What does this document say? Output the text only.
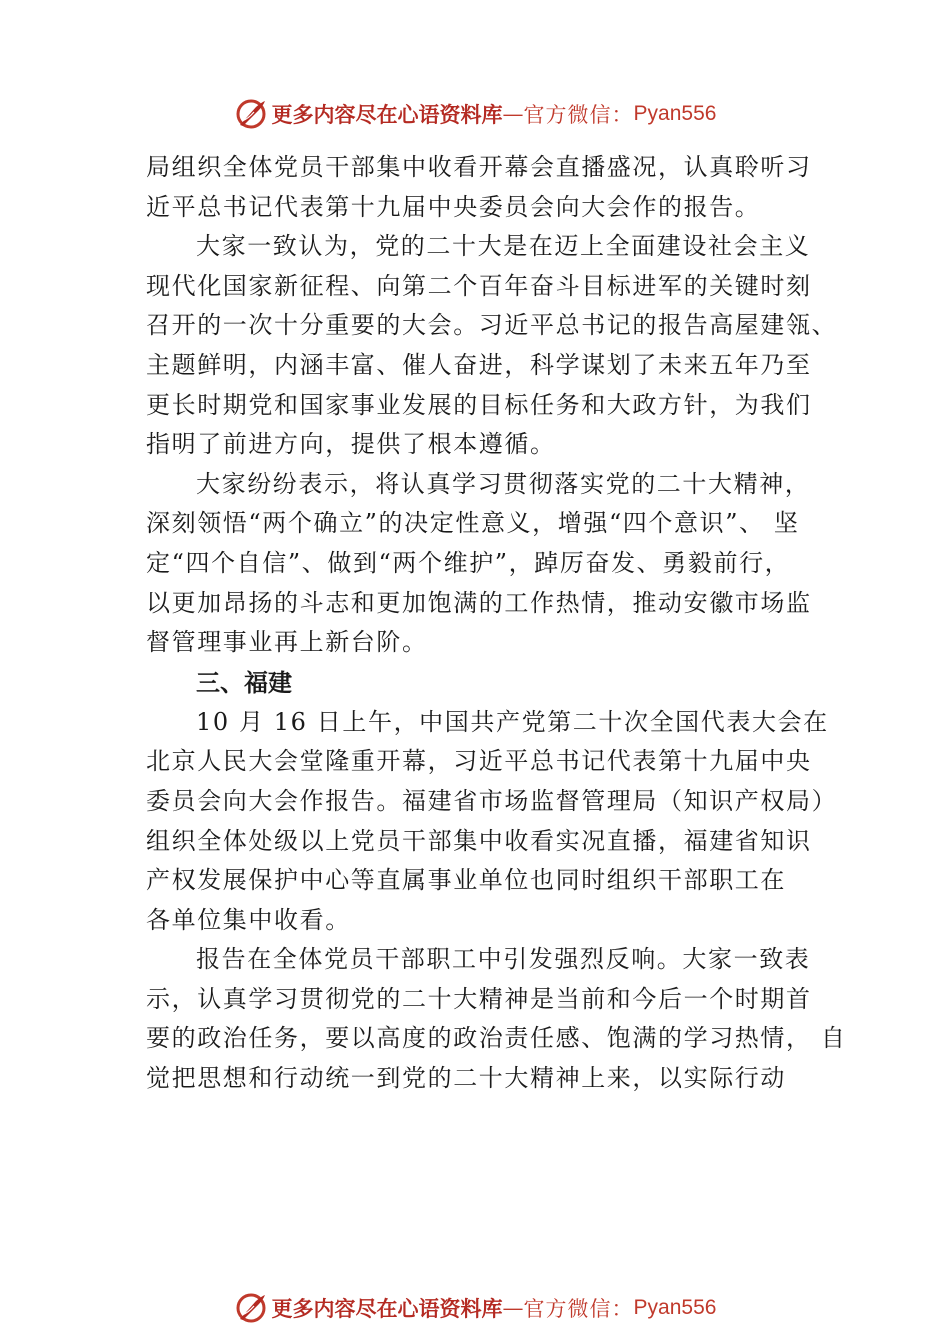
更多内容尽在心语资料库 — 官方微信： Pyan556
局组织全体党员干部集中收看开幕会直播盛况，认真聆听习
近平总书记代表第十九届中央委员会向大会作的报告。
大家一致认为，党的二十大是在迈上全面建设社会主义
现代化国家新征程、向第二个百年奋斗目标进军的关键时刻
召开的一次十分重要的大会。习近平总书记的报告高屋建瓴、
主题鲜明，内涵丰富、催人奋进，科学谋划了未来五年乃至
更长时期党和国家事业发展的目标任务和大政方针，为我们
指明了前进方向，提供了根本遵循。
大家纷纷表示，将认真学习贯彻落实党的二十大精神，
深刻领悟“两个确立”的决定性意义，增强“四个意识”、 坚
定“四个自信”、做到“两个维护”，踔厉奋发、勇毅前行，
以更加昂扬的斗志和更加饱满的工作热情，推动安徽市场监
督管理事业再上新台阶。
三、福建
10 月 16 日上午，中国共产党第二十次全国代表大会在
北京人民大会堂隆重开幕，习近平总书记代表第十九届中央
委员会向大会作报告。福建省市场监督管理局（知识产权局）
组织全体处级以上党员干部集中收看实况直播，福建省知识
产权发展保护中心等直属事业单位也同时组织干部职工在
各单位集中收看。
报告在全体党员干部职工中引发强烈反响。大家一致表
示，认真学习贯彻党的二十大精神是当前和今后一个时期首
要的政治任务，要以高度的政治责任感、饱满的学习热情， 自
觉把思想和行动统一到党的二十大精神上来，以实际行动
更多内容尽在心语资料库 — 官方微信： Pyan556
